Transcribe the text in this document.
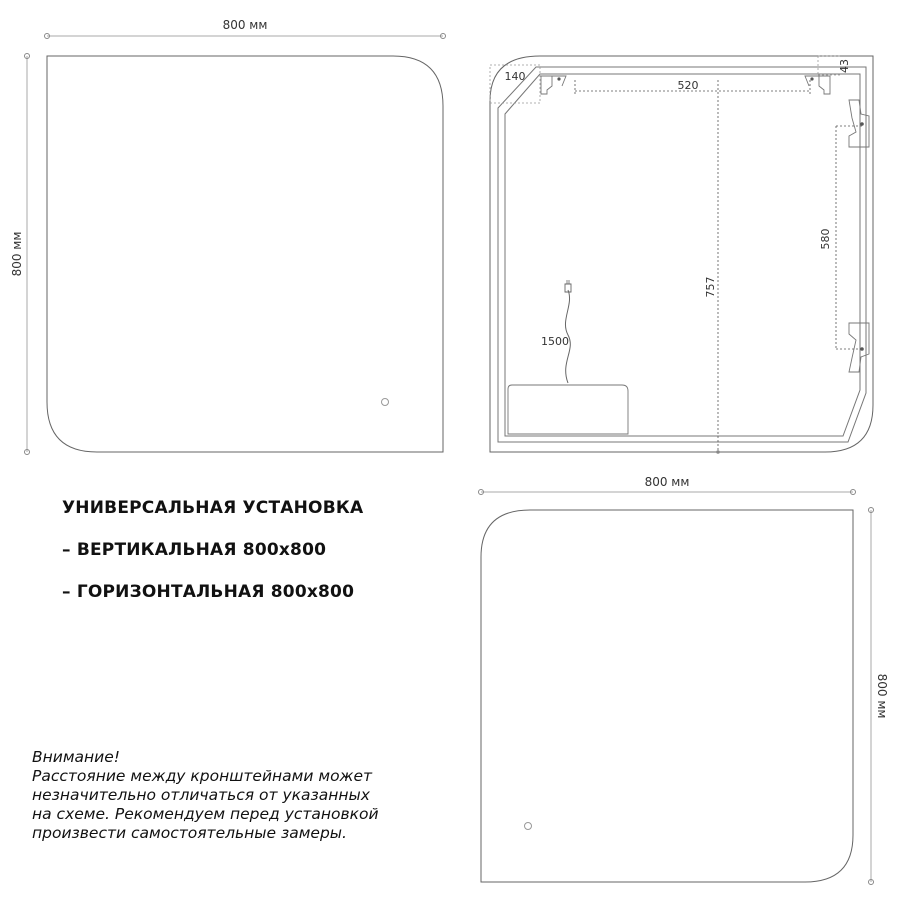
800 мм
800 мм
140
43
520
757
580
1500
800 мм
800 мм
УНИВЕРСАЛЬНАЯ УСТАНОВКА
– ВЕРТИКАЛЬНАЯ 800х800
– ГОРИЗОНТАЛЬНАЯ 800х800
Внимание!
Расстояние между кронштейнами может
незначительно отличаться от указанных
на схеме. Рекомендуем перед установкой
произвести самостоятельные замеры.
